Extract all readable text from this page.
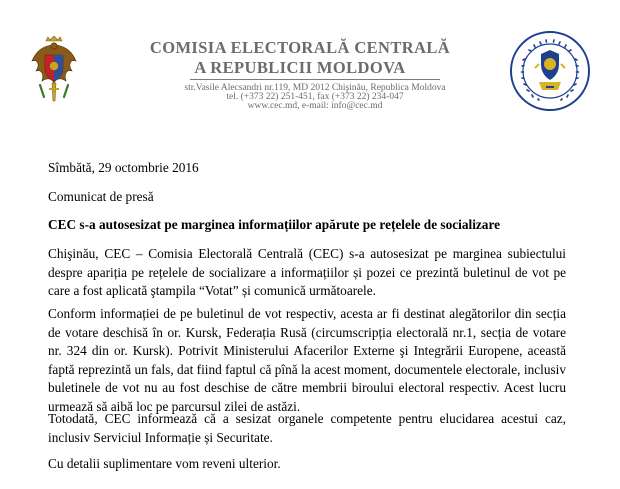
COMISIA ELECTORALĂ CENTRALĂ
A REPUBLICII MOLDOVA
str.Vasile Alecsandri nr.119, MD 2012 Chişinău, Republica Moldova
tel. (+373 22) 251-451, fax (+373 22) 234-047
www.cec.md, e-mail: info@cec.md
Sîmbătă, 29 octombrie 2016
Comunicat de presă
CEC s-a autosesizat pe marginea informațiilor apărute pe rețelele de socializare
Chişinău, CEC – Comisia Electorală Centrală (CEC) s-a autosesizat pe marginea subiectului despre apariția pe rețelele de socializare a informațiilor și pozei ce prezintă buletinul de vot pe care a fost aplicată ştampila “Votat” și comunică următoarele.
Conform informației de pe buletinul de vot respectiv, acesta ar fi destinat alegătorilor din secția de votare deschisă în or. Kursk, Federația Rusă (circumscripția electorală nr.1, secția de votare nr. 324 din or. Kursk). Potrivit Ministerului Afacerilor Externe şi Integrării Europene, această faptă reprezintă un fals, dat fiind faptul că pînă la acest moment, documentele electorale, inclusiv buletinele de vot nu au fost deschise de către membrii biroului electoral respectiv. Acest lucru urmează să aibă loc pe parcursul zilei de astăzi.
Totodată, CEC informează că a sesizat organele competente pentru elucidarea acestui caz, inclusiv Serviciul Informație și Securitate.
Cu detalii suplimentare vom reveni ulterior.
